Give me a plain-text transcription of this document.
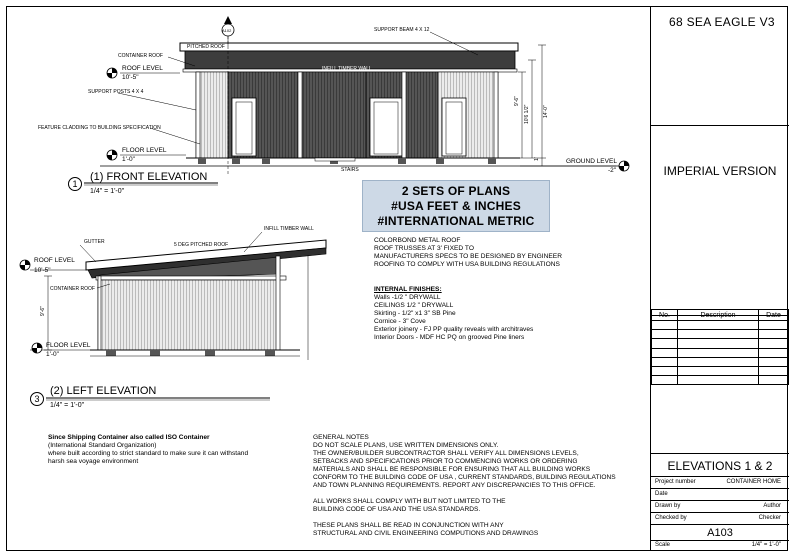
CONTAINER ROOF
PITCHED ROOF
SUPPORT BEAM 4 X 12
ROOF LEVEL
10'-5"
INFILL TIMBER WALL
SUPPORT POSTS 4 X 4
FEATURE CLADDING TO BUILDING SPECIFICATION
FLOOR LEVEL
1'-0"
STAIRS
GROUND LEVEL
-2"
A102
9'-6"
10'6 1/2"	14'-0"
1'
1
(1) FRONT ELEVATION
1/4" = 1'-0"	2 SETS OF PLANS
#USA FEET & INCHES
#INTERNATIONAL METRIC
GUTTER	5 DEG PITCHED ROOF
INFILL TIMBER WALL
ROOF LEVEL
10'-5"
CONTAINER ROOF
FLOOR LEVEL
1'-0"
9'-6"
3
(2) LEFT ELEVATION
1/4" = 1'-0"
COLORBOND METAL ROOF
ROOF TRUSSES AT 3' FIXED TO
MANUFACTURERS SPECS TO BE DESIGNED BY ENGINEER
ROOFING TO COMPLY WITH USA BUILDING REGULATIONS
INTERNAL FINISHES:
Walls -1/2 " DRYWALL
CEILINGS 1/2 " DRYWALL
Skirting - 1/2" x1 3" SB Pine
Cornice - 3" Cove
Exterior joinery - FJ PP quality reveals with architraves
Interior Doors - MDF HC PQ on grooved Pine liners
Since Shipping Container also called ISO Container
(International Standard Organization)
where built according to strict standard to make sure it can withstand
harsh sea voyage environment
GENERAL NOTES
DO NOT SCALE PLANS, USE WRITTEN DIMENSIONS ONLY.
THE OWNER/BUILDER SUBCONTRACTOR SHALL VERIFY ALL DIMENSIONS LEVELS,
SETBACKS AND SPECIFICATIONS PRIOR TO COMMENCING WORKS OR ORDERING
MATERIALS AND SHALL BE RESPONSIBLE FOR ENSURING THAT ALL BUILDING WORKS
CONFORM TO THE BUILDING CODE OF USA , CURRENT STANDARDS, BUILDING REGULATIONS
AND TOWN PLANNING REQUIREMENTS. REPORT ANY DISCREPANCIES TO THIS OFFICE.
ALL WORKS SHALL COMPLY WITH BUT NOT LIMITED TO THE
BUILDING CODE OF USA AND THE USA STANDARDS.
THESE PLANS SHALL BE READ IN CONJUNCTION WITH ANY
STRUCTURAL AND CIVIL ENGINEERING COMPUTIONS AND DRAWINGS
68 SEA EAGLE V3
IMPERIAL VERSION
No.	Description	Date

ELEVATIONS 1 & 2
Project number	CONTAINER HOME
Date
Drawn by	Author
Checked by	Checker
A103
Scale	1/4" = 1'-0"
